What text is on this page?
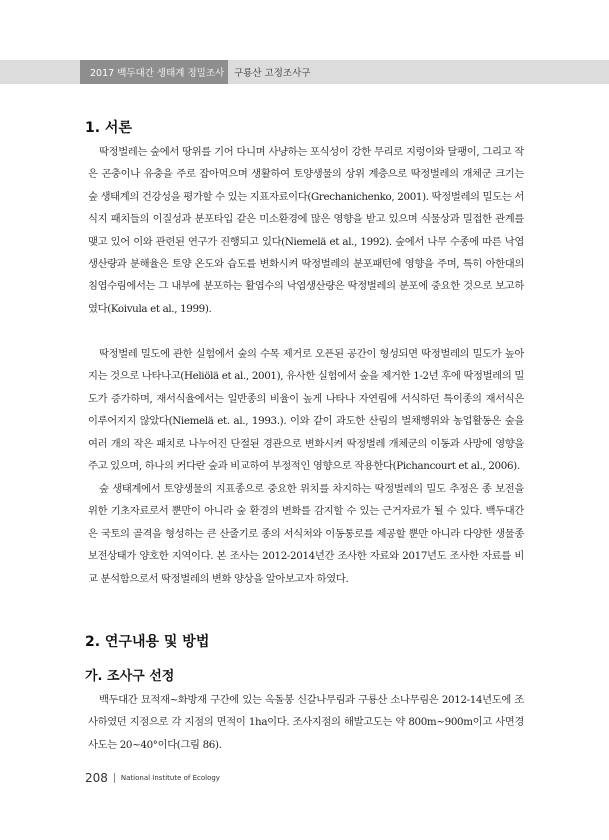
2017 백두대간 생태계 정밀조사	구룡산 고정조사구
1. 서론
딱정벌레는 숲에서 땅위를 기어 다니며 사냥하는 포식성이 강한 무리로 지렁이와 달팽이, 그리고 작은 곤충이나 유충을 주로 잡아먹으며 생활하여 토양생물의 상위 계층으로 딱정벌레의 개체군 크기는 숲 생태계의 건강성을 평가할 수 있는 지표자료이다(Grechanichenko, 2001). 딱정벌레의 밀도는 서식지 패치들의 이질성과 분포타입 같은 미소환경에 많은 영향을 받고 있으며 식물상과 밀접한 관계를 맺고 있어 이와 관련된 연구가 진행되고 있다(Niemelä et al., 1992). 숲에서 나무 수종에 따른 낙엽생산량과 분해율은 토양 온도와 습도를 변화시켜 딱정벌레의 분포패턴에 영향을 주며, 특히 아한대의 침엽수림에서는 그 내부에 분포하는 활엽수의 낙엽생산량은 딱정벌레의 분포에 중요한 것으로 보고하였다(Koivula et al., 1999).
딱정벌레 밀도에 관한 실험에서 숲의 수목 제거로 오픈된 공간이 형성되면 딱정벌레의 밀도가 높아지는 것으로 나타나고(Heliölä et al., 2001), 유사한 실험에서 숲을 제거한 1-2년 후에 딱정벌레의 밀도가 증가하며, 재서식율에서는 일반종의 비율이 높게 나타나 자연림에 서식하던 특이종의 재서식은 이루어지지 않았다(Niemelä et. al., 1993.). 이와 같이 과도한 산림의 벌채행위와 농업활동은 숲을 여러 개의 작은 패치로 나누어진 단절된 경관으로 변화시켜 딱정벌레 개체군의 이동과 사망에 영향을 주고 있으며, 하나의 커다란 숲과 비교하여 부정적인 영향으로 작용한다(Pichancourt et al., 2006).
숲 생태계에서 토양생물의 지표종으로 중요한 위치를 차지하는 딱정벌레의 밀도 추정은 종 보전을 위한 기초자료로서 뿐만이 아니라 숲 환경의 변화를 감지할 수 있는 근거자료가 될 수 있다. 백두대간은 국토의 골격을 형성하는 큰 산줄기로 종의 서식처와 이동통로를 제공할 뿐만 아니라 다양한 생물종 보전상태가 양호한 지역이다. 본 조사는 2012-2014년간 조사한 자료와 2017년도 조사한 자료를 비교 분석함으로서 딱정벌레의 변화 양상을 알아보고자 하였다.
2. 연구내용 및 방법
가. 조사구 선정
백두대간 묘적재~화방재 구간에 있는 옥돌봉 신갈나무림과 구룡산 소나무림은 2012-14년도에 조사하였던 지점으로 각 지점의 면적이 1ha이다. 조사지점의 해발고도는 약 800m~900m이고 사면경사도는 20~40°이다(그림 86).
208 National Institute of Ecology
